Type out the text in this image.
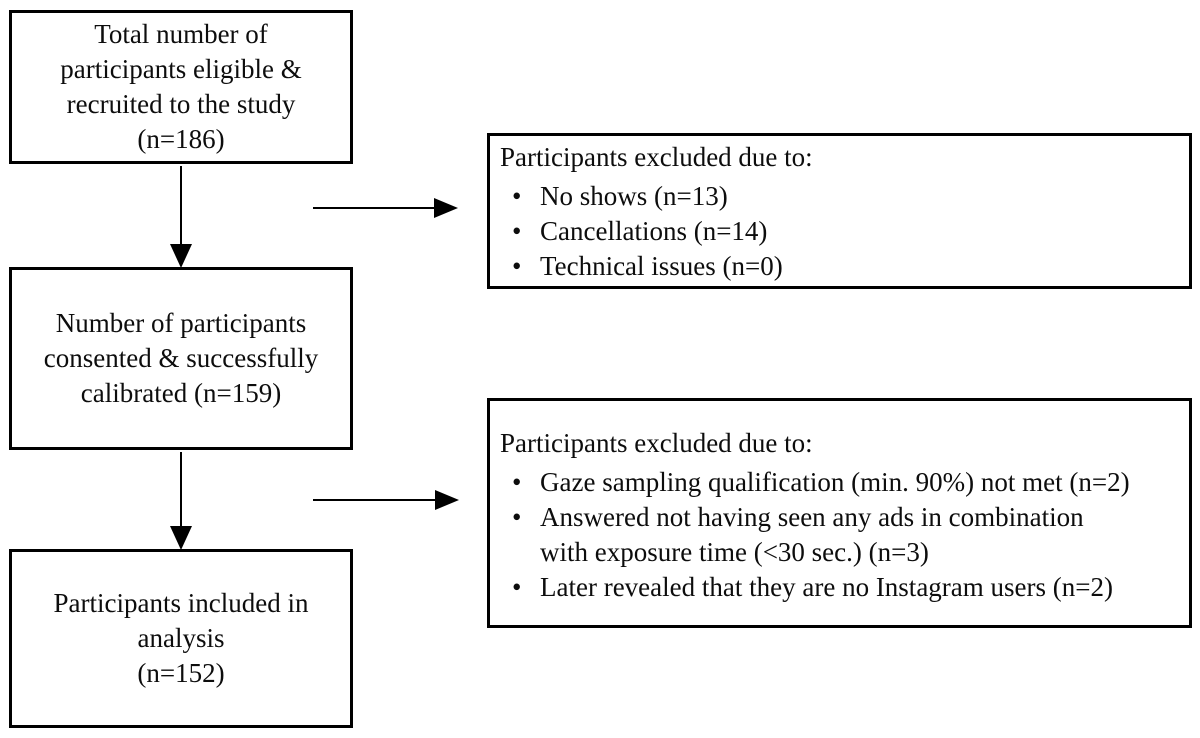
Total number of
participants eligible &
recruited to the study
(n=186)
Number of participants
consented & successfully
calibrated (n=159)
Participants included in
analysis
(n=152)
Participants excluded due to:
• No shows (n=13)
• Cancellations (n=14)
• Technical issues (n=0)
Participants excluded due to:
• Gaze sampling qualification (min. 90%) not met (n=2)
• Answered not having seen any ads in combination
with exposure time (<30 sec.) (n=3)
• Later revealed that they are no Instagram users (n=2)
